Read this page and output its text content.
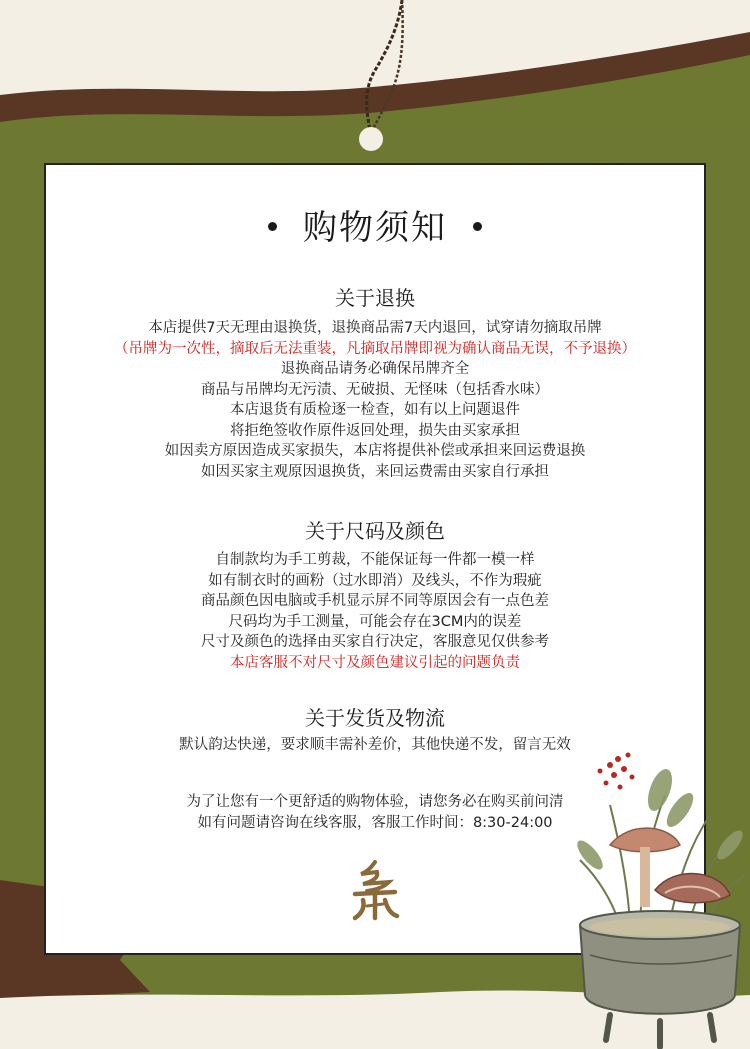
购物须知
关于退换
本店提供7天无理由退换货，退换商品需7天内退回，试穿请勿摘取吊牌
（吊牌为一次性，摘取后无法重装，凡摘取吊牌即视为确认商品无误，不予退换）
退换商品请务必确保吊牌齐全
商品与吊牌均无污渍、无破损、无怪味（包括香水味）
本店退货有质检逐一检查，如有以上问题退件
将拒绝签收作原件返回处理，损失由买家承担
如因卖方原因造成买家损失，本店将提供补偿或承担来回运费退换
如因买家主观原因退换货，来回运费需由买家自行承担
关于尺码及颜色
自制款均为手工剪裁，不能保证每一件都一模一样
如有制衣时的画粉（过水即消）及线头，不作为瑕疵
商品颜色因电脑或手机显示屏不同等原因会有一点色差
尺码均为手工测量，可能会存在3CM内的误差
尺寸及颜色的选择由买家自行决定，客服意见仅供参考
本店客服不对尺寸及颜色建议引起的问题负责
关于发货及物流
默认韵达快递，要求顺丰需补差价，其他快递不发，留言无效
为了让您有一个更舒适的购物体验，请您务必在购买前问清
如有问题请咨询在线客服，客服工作时间：8:30-24:00
